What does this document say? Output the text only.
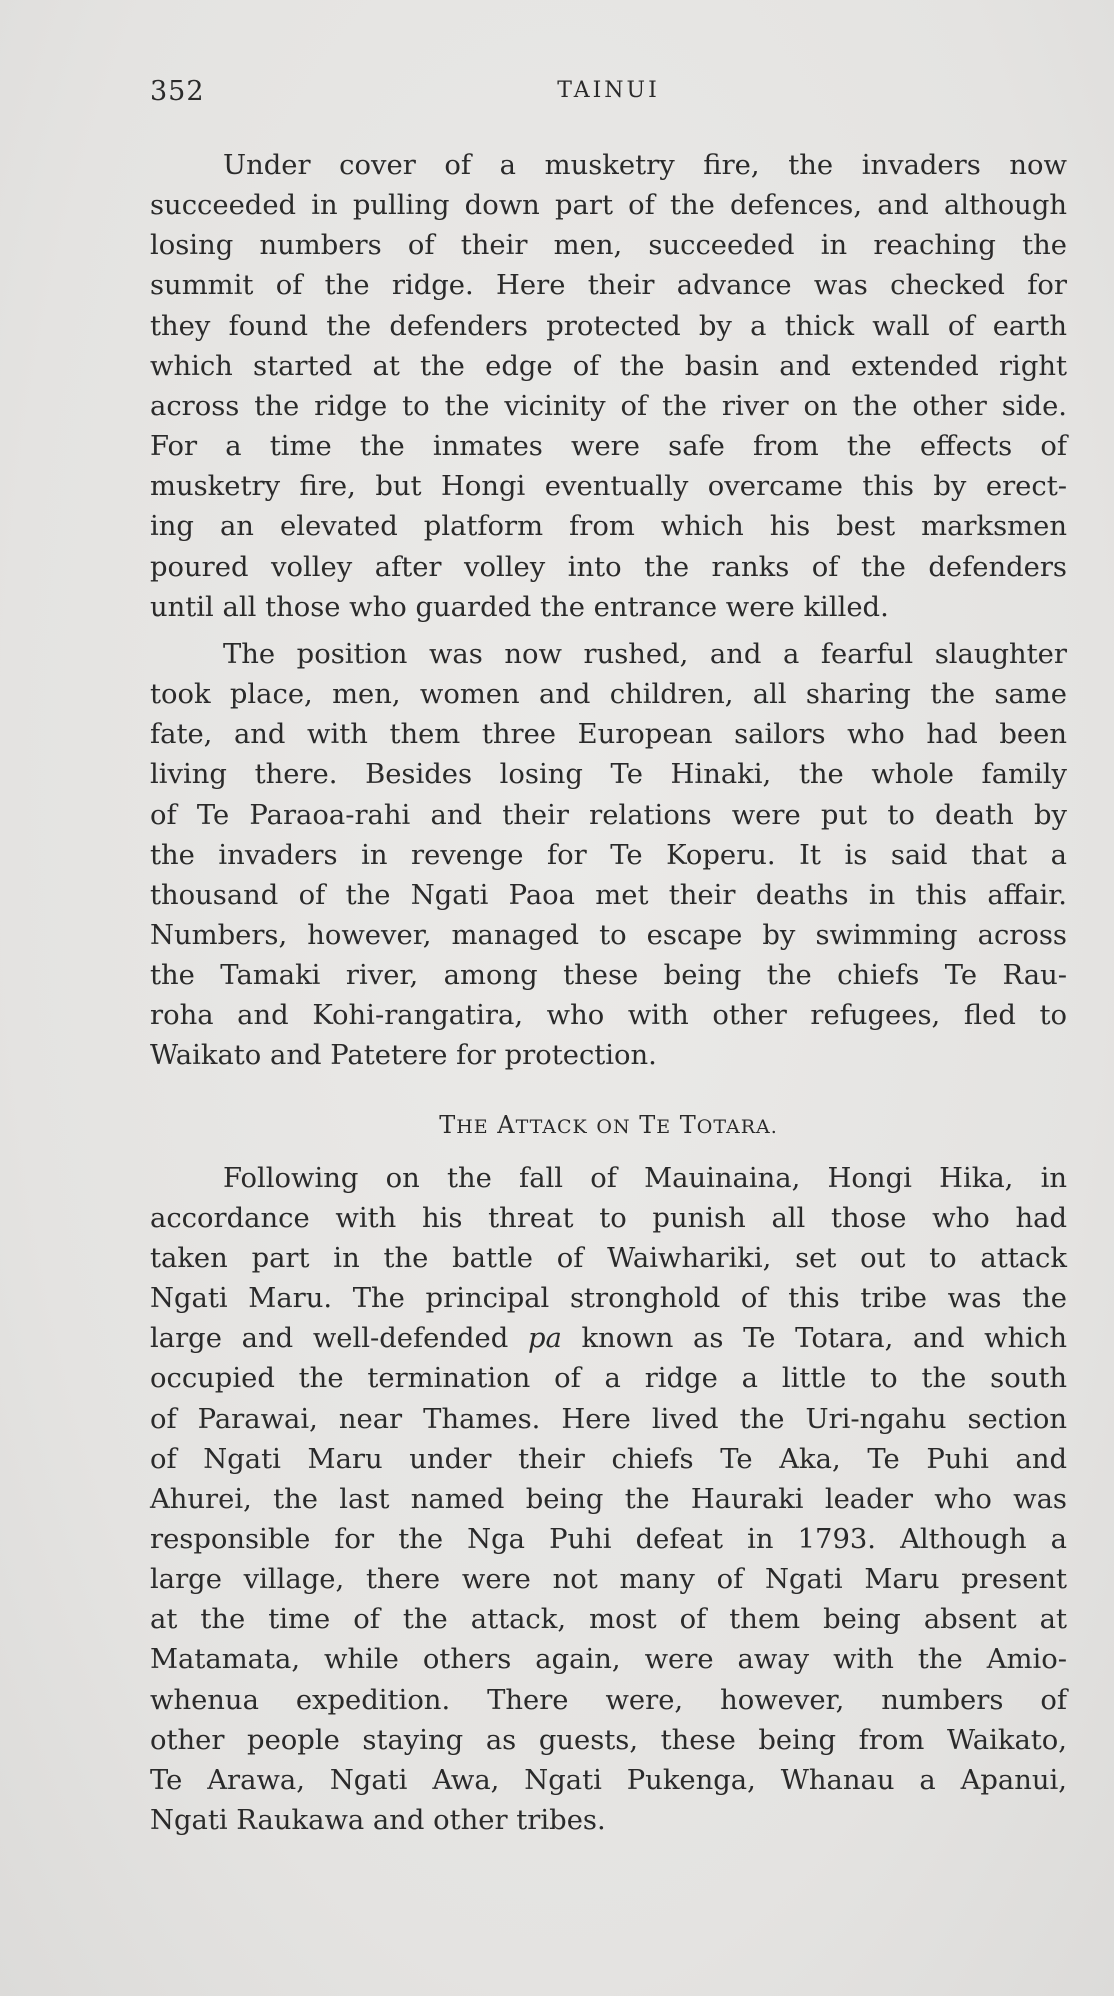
352	TAINUI

Under cover of a musketry fire, the invaders now
succeeded in pulling down part of the defences, and although
losing numbers of their men, succeeded in reaching the
summit of the ridge. Here their advance was checked for
they found the defenders protected by a thick wall of earth
which started at the edge of the basin and extended right
across the ridge to the vicinity of the river on the other side.
For a time the inmates were safe from the effects of
musketry fire, but Hongi eventually overcame this by erect-
ing an elevated platform from which his best marksmen
poured volley after volley into the ranks of the defenders
until all those who guarded the entrance were killed.

The position was now rushed, and a fearful slaughter
took place, men, women and children, all sharing the same
fate, and with them three European sailors who had been
living there. Besides losing Te Hinaki, the whole family
of Te Paraoa-rahi and their relations were put to death by
the invaders in revenge for Te Koperu. It is said that a
thousand of the Ngati Paoa met their deaths in this affair.
Numbers, however, managed to escape by swimming across
the Tamaki river, among these being the chiefs Te Rau-
roha and Kohi-rangatira, who with other refugees, fled to
Waikato and Patetere for protection.

THE ATTACK ON TE TOTARA.

Following on the fall of Mauinaina, Hongi Hika, in
accordance with his threat to punish all those who had
taken part in the battle of Waiwhariki, set out to attack
Ngati Maru. The principal stronghold of this tribe was the
large and well-defended pa known as Te Totara, and which
occupied the termination of a ridge a little to the south
of Parawai, near Thames. Here lived the Uri-ngahu section
of Ngati Maru under their chiefs Te Aka, Te Puhi and
Ahurei, the last named being the Hauraki leader who was
responsible for the Nga Puhi defeat in 1793. Although a
large village, there were not many of Ngati Maru present
at the time of the attack, most of them being absent at
Matamata, while others again, were away with the Amio-
whenua expedition. There were, however, numbers of
other people staying as guests, these being from Waikato,
Te Arawa, Ngati Awa, Ngati Pukenga, Whanau a Apanui,
Ngati Raukawa and other tribes.
